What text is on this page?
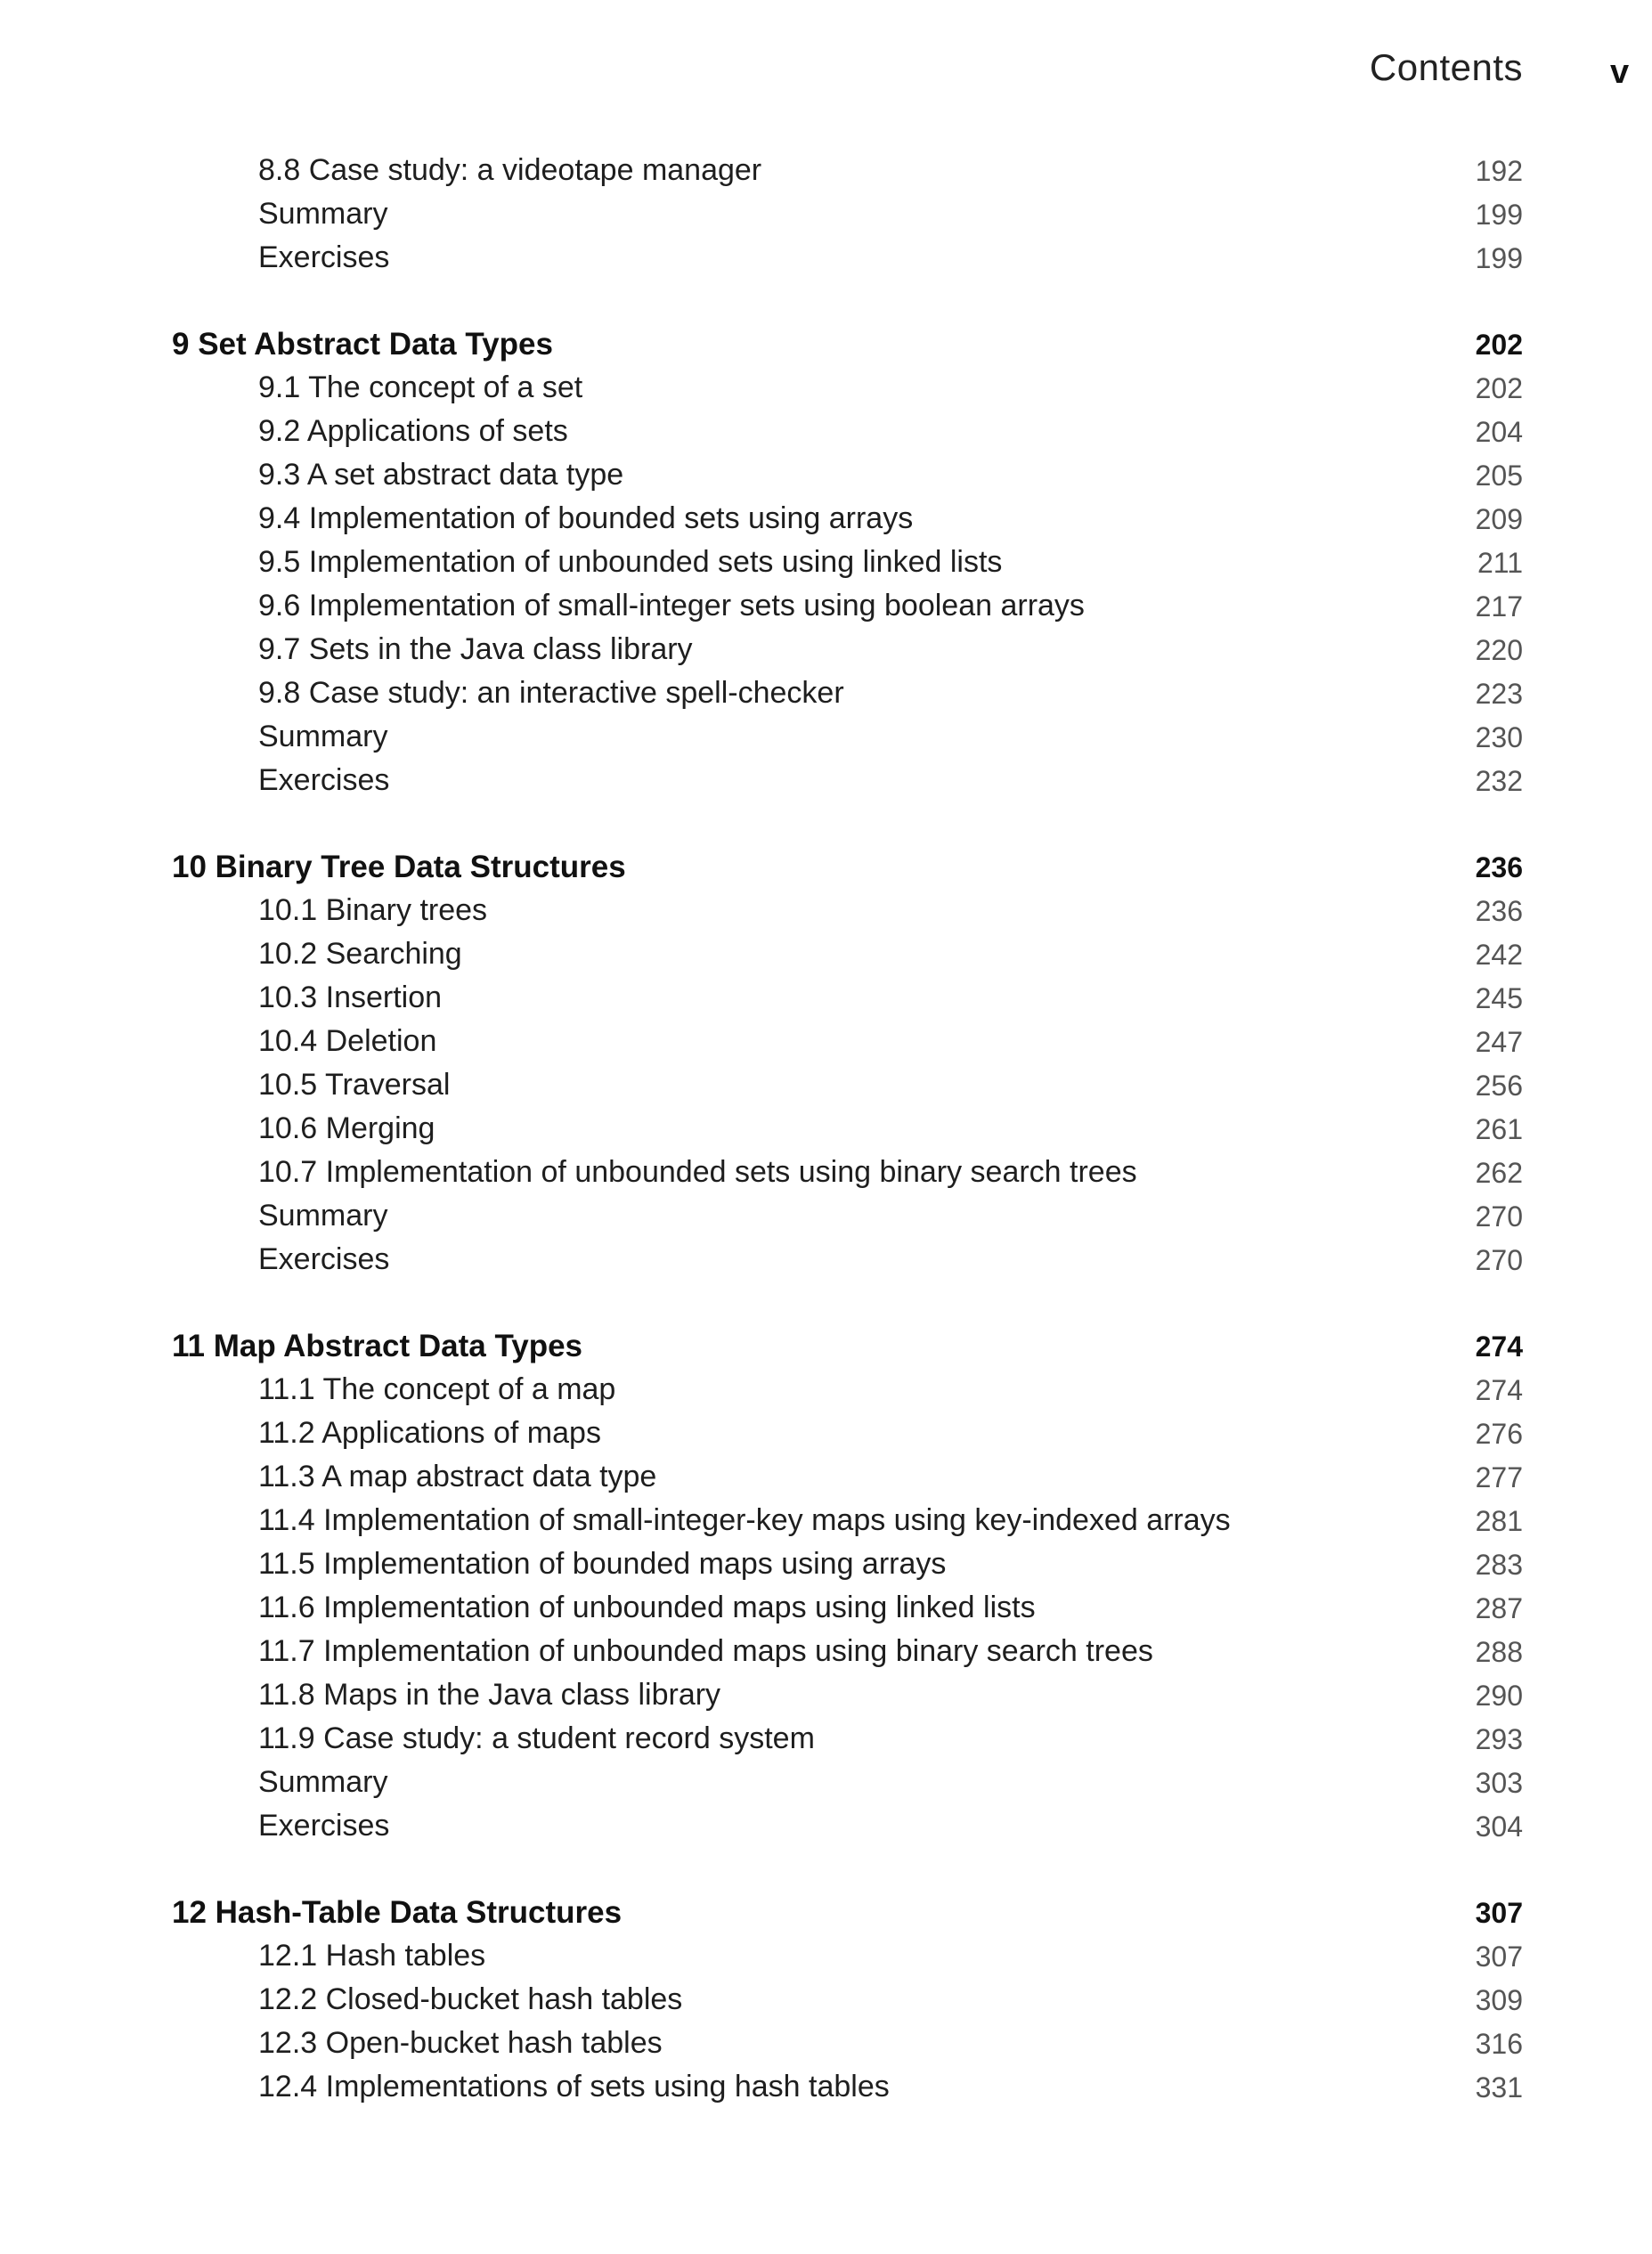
Contents	v
8.8 Case study: a videotape manager	192
Summary	199
Exercises	199
9 Set Abstract Data Types	202
9.1 The concept of a set	202
9.2 Applications of sets	204
9.3 A set abstract data type	205
9.4 Implementation of bounded sets using arrays	209
9.5 Implementation of unbounded sets using linked lists	211
9.6 Implementation of small-integer sets using boolean arrays	217
9.7 Sets in the Java class library	220
9.8 Case study: an interactive spell-checker	223
Summary	230
Exercises	232
10 Binary Tree Data Structures	236
10.1 Binary trees	236
10.2 Searching	242
10.3 Insertion	245
10.4 Deletion	247
10.5 Traversal	256
10.6 Merging	261
10.7 Implementation of unbounded sets using binary search trees	262
Summary	270
Exercises	270
11 Map Abstract Data Types	274
11.1 The concept of a map	274
11.2 Applications of maps	276
11.3 A map abstract data type	277
11.4 Implementation of small-integer-key maps using key-indexed arrays	281
11.5 Implementation of bounded maps using arrays	283
11.6 Implementation of unbounded maps using linked lists	287
11.7 Implementation of unbounded maps using binary search trees	288
11.8 Maps in the Java class library	290
11.9 Case study: a student record system	293
Summary	303
Exercises	304
12 Hash-Table Data Structures	307
12.1 Hash tables	307
12.2 Closed-bucket hash tables	309
12.3 Open-bucket hash tables	316
12.4 Implementations of sets using hash tables	331
